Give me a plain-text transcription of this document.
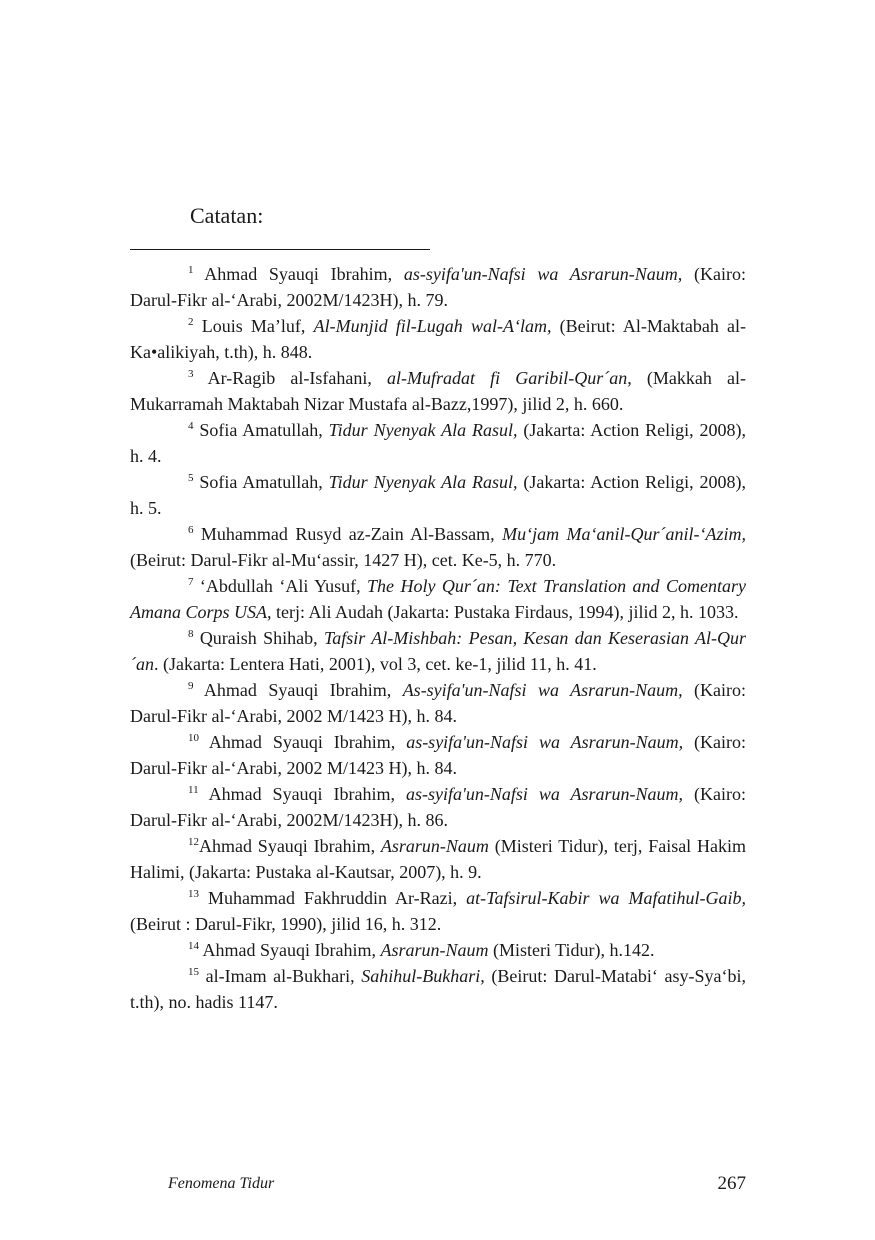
Catatan:

$^1$ Ahmad Syauqi Ibrahim, as-syifa'un-Nafsi wa Asrarun-Naum, (Kairo: Darul-Fikr al-‘Arabi, 2002M/1423H), h. 79.

$^2$ Louis Ma’luf, Al-Munjid fil-Lugah wal-A‘lam, (Beirut: Al-Maktabah al-Ka•alikiyah, t.th), h. 848.

$^3$ Ar-Ragib al-Isfahani, al-Mufradat fi Garibil-Qur´an, (Makkah al-Mukarramah Maktabah Nizar Mustafa al-Bazz,1997), jilid 2, h. 660.

$^4$ Sofia Amatullah, Tidur Nyenyak Ala Rasul, (Jakarta: Action Religi, 2008), h. 4.

$^5$ Sofia Amatullah, Tidur Nyenyak Ala Rasul, (Jakarta: Action Religi, 2008), h. 5.

$^6$ Muhammad Rusyd az-Zain Al-Bassam, Mu‘jam Ma‘anil-Qur´anil-‘Azim, (Beirut: Darul-Fikr al-Mu‘assir, 1427 H), cet. Ke-5, h. 770.

$^7$ ‘Abdullah ‘Ali Yusuf, The Holy Qur´an: Text Translation and Comentary Amana Corps USA, terj: Ali Audah (Jakarta: Pustaka Firdaus, 1994), jilid 2, h. 1033.

$^8$ Quraish Shihab, Tafsir Al-Mishbah: Pesan, Kesan dan Keserasian Al-Qur´an. (Jakarta: Lentera Hati, 2001), vol 3, cet. ke-1, jilid 11, h. 41.

$^9$ Ahmad Syauqi Ibrahim, As-syifa'un-Nafsi wa Asrarun-Naum, (Kairo: Darul-Fikr al-‘Arabi, 2002 M/1423 H), h. 84.

$^{10}$ Ahmad Syauqi Ibrahim, as-syifa'un-Nafsi wa Asrarun-Naum, (Kairo: Darul-Fikr al-‘Arabi, 2002 M/1423 H), h. 84.

$^{11}$ Ahmad Syauqi Ibrahim, as-syifa'un-Nafsi wa Asrarun-Naum, (Kairo: Darul-Fikr al-‘Arabi, 2002M/1423H), h. 86.

$^{12}$Ahmad Syauqi Ibrahim, Asrarun-Naum (Misteri Tidur), terj, Faisal Hakim Halimi, (Jakarta: Pustaka al-Kautsar, 2007), h. 9.

$^{13}$ Muhammad Fakhruddin Ar-Razi, at-Tafsirul-Kabir wa Mafatihul-Gaib, (Beirut : Darul-Fikr, 1990), jilid 16, h. 312.

$^{14}$ Ahmad Syauqi Ibrahim, Asrarun-Naum (Misteri Tidur), h.142.

$^{15}$ al-Imam al-Bukhari, Sahihul-Bukhari, (Beirut: Darul-Matabi‘ asy-Sya‘bi, t.th), no. hadis 1147.

Fenomena Tidur	267
